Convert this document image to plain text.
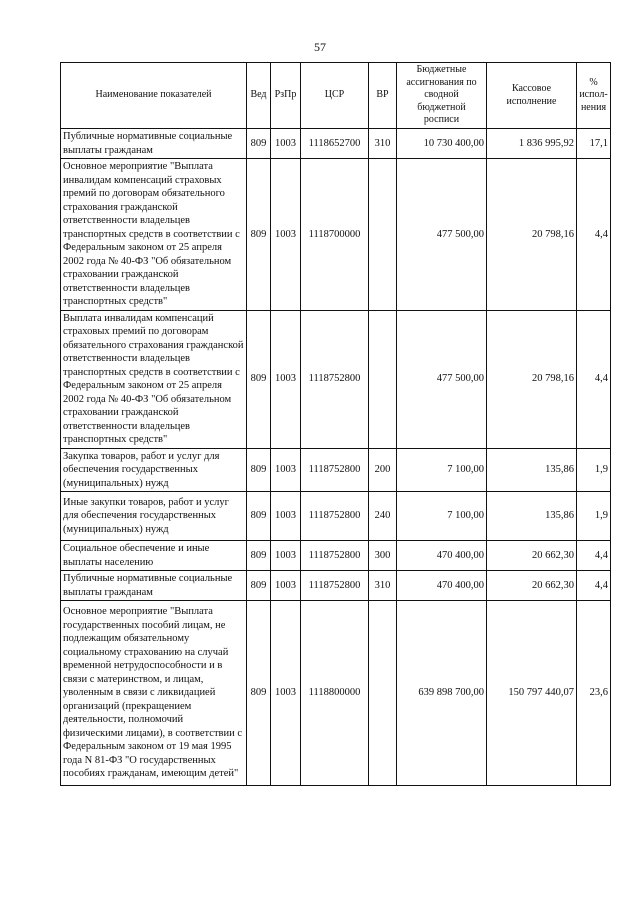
57
Наименование показателей	Вед	РзПр	ЦСР	ВР	Бюджетные ассигнования по сводной бюджетной росписи	Кассовое исполнение	% испол-нения
Публичные нормативные социальные выплаты гражданам	809	1003	1118652700	310	10 730 400,00	1 836 995,92	17,1
Основное мероприятие "Выплата инвалидам компенсаций страховых премий по договорам обязательного страхования гражданской ответственности владельцев транспортных средств в соответствии с Федеральным законом от 25 апреля 2002 года № 40-ФЗ "Об обязательном страховании гражданской ответственности владельцев транспортных средств"	809	1003	1118700000		477 500,00	20 798,16	4,4
Выплата инвалидам компенсаций страховых премий по договорам обязательного страхования гражданской ответственности владельцев транспортных средств в соответствии с Федеральным законом от 25 апреля 2002 года № 40-ФЗ "Об обязательном страховании гражданской ответственности владельцев транспортных средств"	809	1003	1118752800		477 500,00	20 798,16	4,4
Закупка товаров, работ и услуг для обеспечения государственных (муниципальных) нужд	809	1003	1118752800	200	7 100,00	135,86	1,9
Иные закупки товаров, работ и услуг для обеспечения государственных (муниципальных) нужд	809	1003	1118752800	240	7 100,00	135,86	1,9
Социальное обеспечение и иные выплаты населению	809	1003	1118752800	300	470 400,00	20 662,30	4,4
Публичные нормативные социальные выплаты гражданам	809	1003	1118752800	310	470 400,00	20 662,30	4,4
Основное мероприятие "Выплата государственных пособий лицам, не подлежащим обязательному социальному страхованию на случай временной нетрудоспособности и в связи с материнством, и лицам, уволенным в связи с ликвидацией организаций (прекращением деятельности, полномочий физическими лицами), в соответствии с Федеральным законом от 19 мая 1995 года N 81-ФЗ "О государственных пособиях гражданам, имеющим детей"	809	1003	1118800000		639 898 700,00	150 797 440,07	23,6
